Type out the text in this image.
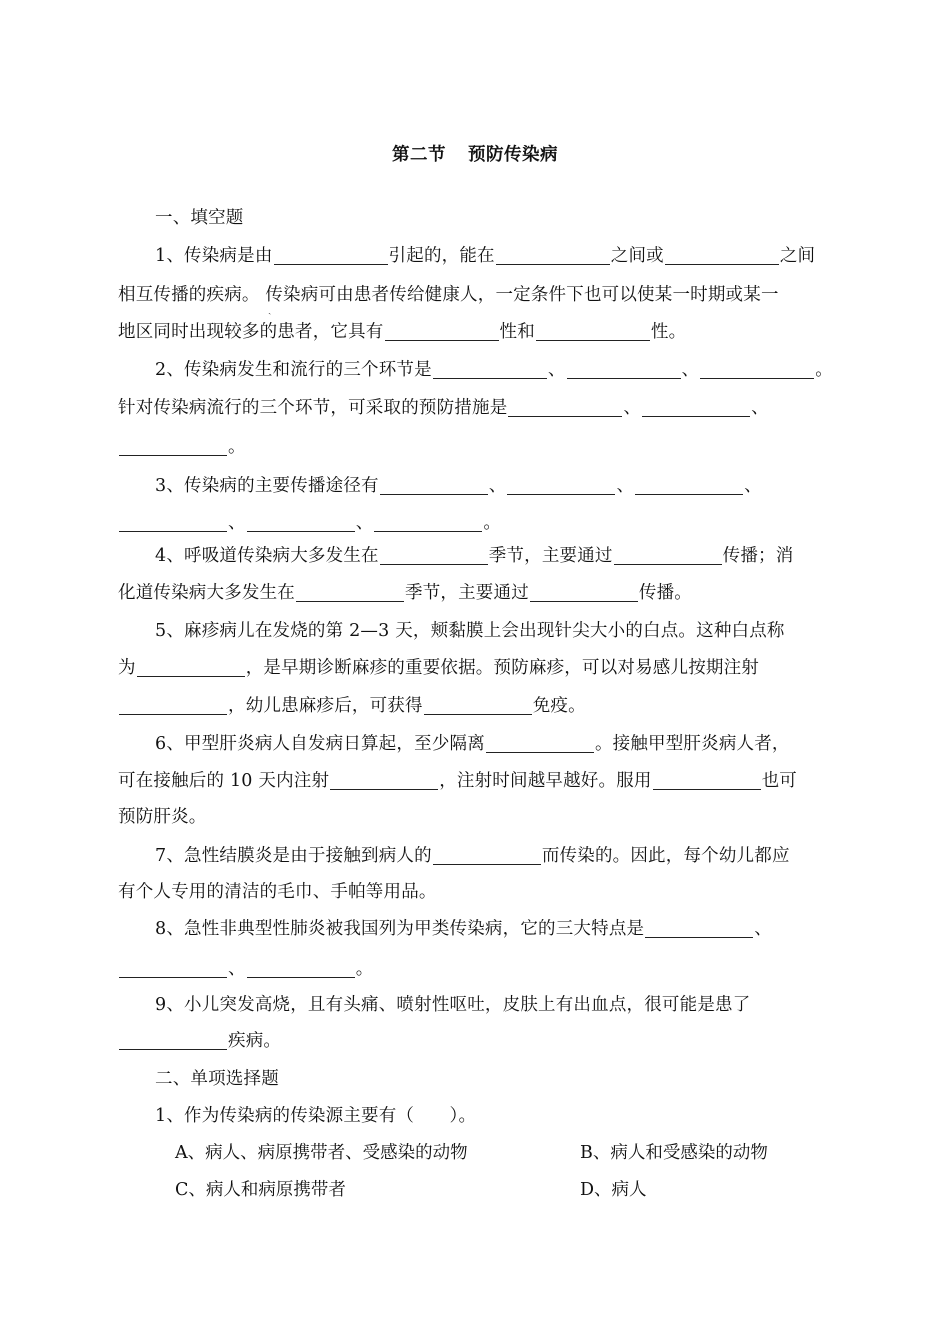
第二节 预防传染病
一、填空题
1、传染病是由	引起的，能在	之间或	之间
相互传播的疾病。 传染病可由患者传给健康人，一定条件下也可以使某一时期或某一
地区同时出现较多的患者，它具有	性和	性。
ˎ
2、传染病发生和流行的三个环节是	、	、	。
针对传染病流行的三个环节，可采取的预防措施是	、	、
。
3、传染病的主要传播途径有	、	、	、
、	、	。
4、呼吸道传染病大多发生在	季节，主要通过	传播；消
化道传染病大多发生在	季节，主要通过	传播。
5、麻疹病儿在发烧的第 2—3 天，颊黏膜上会出现针尖大小的白点。这种白点称
为	，是早期诊断麻疹的重要依据。预防麻疹，可以对易感儿按期注射
，幼儿患麻疹后，可获得	免疫。
6、甲型肝炎病人自发病日算起，至少隔离	。接触甲型肝炎病人者，
可在接触后的 10 天内注射	，注射时间越早越好。服用	也可
预防肝炎。
7、急性结膜炎是由于接触到病人的	而传染的。因此，每个幼儿都应
有个人专用的清洁的毛巾、手帕等用品。
8、急性非典型性肺炎被我国列为甲类传染病，它的三大特点是	、
、	。
9、小儿突发高烧，且有头痛、喷射性呕吐，皮肤上有出血点，很可能是患了
疾病。
二、单项选择题
1、作为传染病的传染源主要有（　　）。
A、病人、病原携带者、受感染的动物	B、病人和受感染的动物
C、病人和病原携带者	D、病人
